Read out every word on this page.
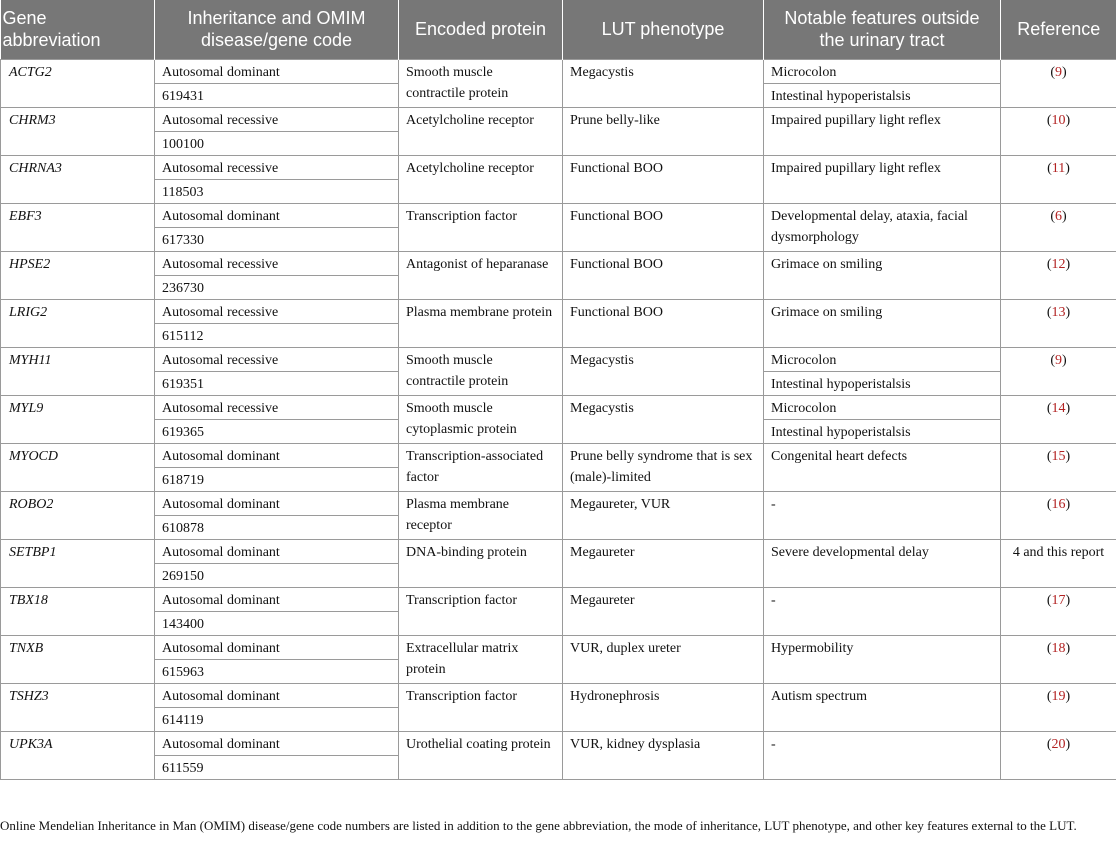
Gene abbreviation	Inheritance and OMIM disease/gene code	Encoded protein	LUT phenotype	Notable features outside the urinary tract	Reference
ACTG2	Autosomal dominant	Smooth muscle contractile protein	Megacystis	Microcolon	(9)
	619431			Intestinal hypoperistalsis	
CHRM3	Autosomal recessive	Acetylcholine receptor	Prune belly-like	Impaired pupillary light reflex	(10)
	100100				
CHRNA3	Autosomal recessive	Acetylcholine receptor	Functional BOO	Impaired pupillary light reflex	(11)
	118503				
EBF3	Autosomal dominant	Transcription factor	Functional BOO	Developmental delay, ataxia, facial dysmorphology	(6)
	617330				
HPSE2	Autosomal recessive	Antagonist of heparanase	Functional BOO	Grimace on smiling	(12)
	236730				
LRIG2	Autosomal recessive	Plasma membrane protein	Functional BOO	Grimace on smiling	(13)
	615112				
MYH11	Autosomal recessive	Smooth muscle contractile protein	Megacystis	Microcolon	(9)
	619351			Intestinal hypoperistalsis	
MYL9	Autosomal recessive	Smooth muscle cytoplasmic protein	Megacystis	Microcolon	(14)
	619365			Intestinal hypoperistalsis	
MYOCD	Autosomal dominant	Transcription-associated factor	Prune belly syndrome that is sex (male)-limited	Congenital heart defects	(15)
	618719				
ROBO2	Autosomal dominant	Plasma membrane receptor	Megaureter, VUR	-	(16)
	610878				
SETBP1	Autosomal dominant	DNA-binding protein	Megaureter	Severe developmental delay	4 and this report
	269150				
TBX18	Autosomal dominant	Transcription factor	Megaureter	-	(17)
	143400				
TNXB	Autosomal dominant	Extracellular matrix protein	VUR, duplex ureter	Hypermobility	(18)
	615963				
TSHZ3	Autosomal dominant	Transcription factor	Hydronephrosis	Autism spectrum	(19)
	614119				
UPK3A	Autosomal dominant	Urothelial coating protein	VUR, kidney dysplasia	-	(20)
	611559				
Online Mendelian Inheritance in Man (OMIM) disease/gene code numbers are listed in addition to the gene abbreviation, the mode of inheritance, LUT phenotype, and other key features external to the LUT.
